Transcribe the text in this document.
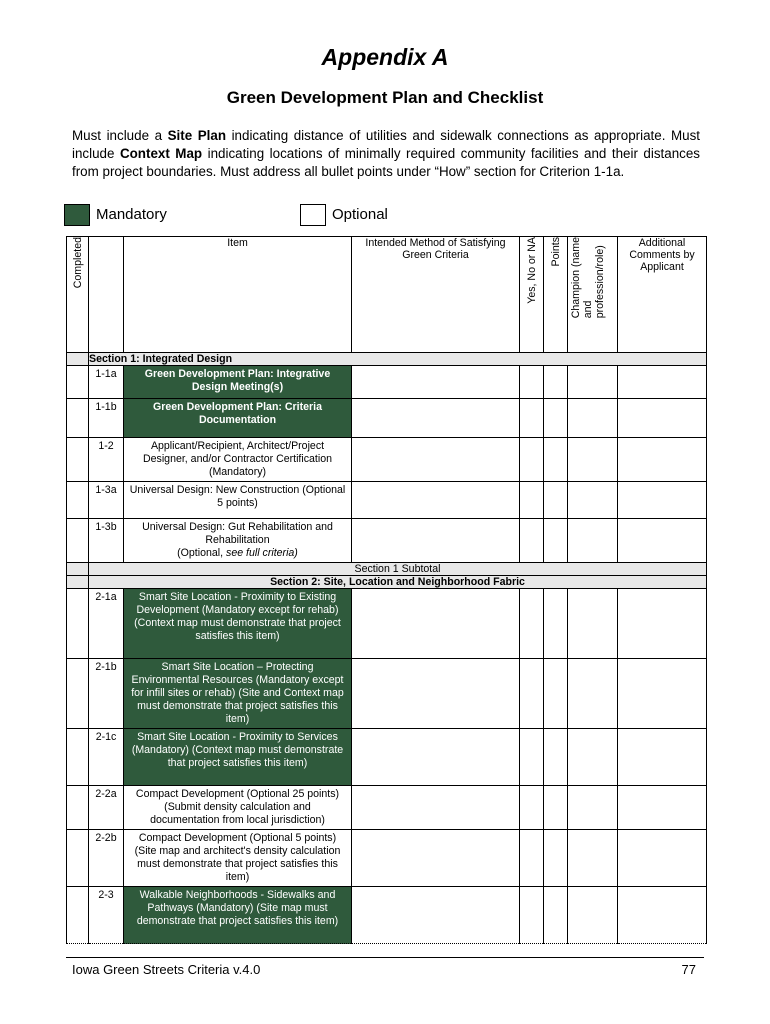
Appendix A
Green Development Plan and Checklist
Must include a Site Plan indicating distance of utilities and sidewalk connections as appropriate. Must include Context Map indicating locations of minimally required community facilities and their distances from project boundaries. Must address all bullet points under “How” section for Criterion 1-1a.
Mandatory	Optional
Completed		Item	Intended Method of Satisfying Green Criteria	Yes, No or NA	Points	Champion (name
and
profession/role)	Additional Comments by Applicant
	Section 1: Integrated Design						
	1-1a	Green Development Plan: Integrative Design Meeting(s)					

	1-1b	Green Development Plan: Criteria Documentation					

	1-2	Applicant/Recipient, Architect/Project Designer, and/or Contractor Certification (Mandatory)					

	1-3a	Universal Design: New Construction (Optional 5 points)					

	1-3b	Universal Design: Gut Rehabilitation and Rehabilitation
(Optional, see full criteria)					

	Section 1 Subtotal						
	Section 2: Site, Location and Neighborhood Fabric						
	2-1a	Smart Site Location - Proximity to Existing Development (Mandatory except for rehab) (Context map must demonstrate that project satisfies this item)					

	2-1b	Smart Site Location – Protecting Environmental Resources (Mandatory except for infill sites or rehab) (Site and Context map must demonstrate that project satisfies this item)					

	2-1c	Smart Site Location - Proximity to Services (Mandatory) (Context map must demonstrate that project satisfies this item)					

	2-2a	Compact Development (Optional 25 points) (Submit density calculation and documentation from local jurisdiction)					

	2-2b	Compact Development (Optional 5 points) (Site map and architect's density calculation must demonstrate that project satisfies this item)					

	2-3	Walkable Neighborhoods - Sidewalks and Pathways (Mandatory) (Site map must demonstrate that project satisfies this item)					

Iowa Green Streets Criteria v.4.0	77
